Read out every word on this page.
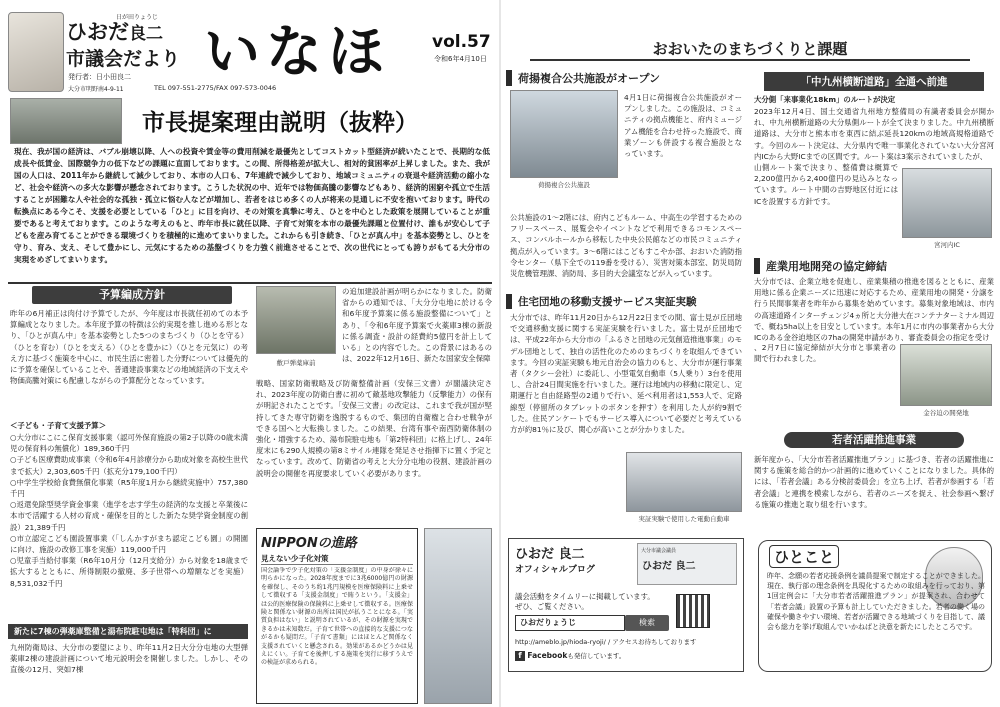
日が田りょうじ
ひおだ良二
市議会だより いなほ vol.57
令和6年4月10日
発行者：日小田良二
大分市明野南4-9-11	TEL 097-551-2775/FAX 097-573-0046
市長提案理由説明（抜粋）
現在、我が国の経済は、バブル崩壊以降、人への投資や賃金等の費用削減を最優先としてコストカット型経済が続いたことで、長期的な低成長や低賃金、国際競争力の低下などの課題に直面しております。この間、所得格差が拡大し、相対的貧困率が上昇しました。また、我が国の人口は、2011年から継続して減少しており、本市の人口も、7年連続で減少しており、地域コミュニティの衰退や経済活動の縮小など、社会や経済への多大な影響が懸念されております。こうした状況の中、近年では物価高騰の影響などもあり、経済的困窮や孤立で生活することが困難な人や社会的な孤独・孤立に悩む人などが増加し、若者をはじめ多くの人が将来の見通しに不安を抱いております。時代の転換点にある今こそ、支援を必要としている「ひと」に目を向け、その対策を真摯に考え、ひとを中心とした政策を展開していることが重要であると考えております。このような考えのもと、昨年市長に就任以降、子育て対策を本市の最優先課題と位置付け、誰もが安心して子どもを産み育てることができる環境づくりを積極的に進めてまいりました。これからも引き続き、「ひとが真ん中」を基本姿勢とし、ひとを守り、育み、支え、そして豊かにし、元気にするための基盤づくりを力強く前進させることで、次の世代にとっても誇りがもてる大分市の実現をめざしてまいります。
予算編成方針
昨年の6月補正は肉付け予算でしたが、今年度は市長就任初めての本予算編成となりました。本年度予算の特徴は公約実現を推し進める形となり、「ひとが真ん中」を基本姿勢とした5つのまちづくり（ひとを守る）（ひとを育む）（ひとを支える）（ひとを豊かに）（ひとを元気に）の考え方に基づく施策を中心に、市民生活に密着した分野については優先的に予算を確保していることや、普通建設事業などの地域経済の下支えや物価高騰対策にも配慮しながらの予算配分となっています。
＜子ども・子育て支援予算＞
○大分市にこにこ保育支援事業（認可外保育施設の第2子以降の0歳未満児の保育料の無償化）189,360千円
○子ども医療費助成事業（令和6年4月診療分から助成対象を高校生世代まで拡大）2,303,605千円（拡充分179,100千円）
○中学生学校給食費無償化事業（R5年度1月から継続実施中）757,380千円
○返還免除型奨学資金事業（進学を志す学生の経済的な支援と卒業後に本市で活躍する人材の育成・確保を目的とした新たな奨学資金制度の創設）21,389千円
○市立認定こども園設置事業（「しんかすがまち認定こども園」の開園に向け、施設の改修工事を実施）119,000千円
○児童手当給付事業（R6年10月分（12月支給分）から対象を18歳まで拡大するとともに、所得制限の撤廃、多子世帯への増額などを実施）8,531,032千円
新たに7棟の弾薬庫整備と湯布院駐屯地は「特科団」に
九州防衛局は、大分市の要望により、昨年11月2日大分分屯地の大型弾薬庫2棟の建設計画について地元説明会を開催しました。しかし、その直後の12月、突如7棟
敷戸弾薬庫前
の追加建設計画が明らかになりました。防衛省からの通知では、「大分分屯地に於ける令和6年度予算案に係る施設整備について」とあり、「令和6年度予算案で火薬庫3棟の新設に係る調査・設計の経費約5億円を計上している」との内容でした。この背景にはあるのは、2022年12月16日、新たな国家安全保障
戦略、国家防衛戦略及び防衛整備計画（安保三文書）が閣議決定され、2023年度の防衛白書に初めて敵基地攻撃能力（反撃能力）の保有が明記されたことです。「安保三文書」の改定は、これまで我が国が堅持してきた専守防衛を逸脱するもので、集団的自衛権と合わせ戦争ができる国へと大転換しました。この結果、台湾有事や南西防衛体制の強化・増強するため、湯布院駐屯地も「第2特科団」に格上げし、24年度末にも290人規模の第8ミサイル連隊を発足させ指揮下に置く予定となっています。改めて、防衛省の考えと大分分屯地の役割、建設計画の説明会の開催を再度要求していく必要があります。
NIPPONの進路
見えない少子化対策
国会論争で少子化対策の「支援金制度」の中身が徐々に明らかになった。2028年度までに3兆6000億円の財源を確保し、そのうち約1兆円規模を医療保険料に上乗せして徴収する「支援金制度」で賄うという。「支援金」は公的医療保険の保険料に上乗せして徴収する。医療保険と関係ない財源の出所は国民が払うことになる。「実質負担はない」と説明されているが、その財源を実現できるかは未知数だ。子育て世帯への直接的な支援につながるかも疑問だ。「子育て書類」にはほとんど関係なく支援されていくと懸念される。効果があるかどうかは見えにくい。子育てを後押しする施策を実行に移すうえでの検証が求められる。
おおいたのまちづくりと課題
荷揚複合公共施設がオープン
荷揚複合公共施設
4月1日に荷揚複合公共施設がオープンしました。この施設は、コミュニティの拠点機能と、府内ミュージアム機能を合わせ持った施設で、商業ゾーンも併設する複合施設となっています。
公共施設の1～2階には、府内こどもルーム、中高生の学習するためのフリースペース、展覧会やイベントなどで利用できるコモンスペース、コンバルホールから移転した中央公民館などの市民コミュニティ拠点が入っています。3～6階にはこどもすこやか部、おおいた消防指令センター（県下全での119番を受ける）、災害対策本部室、防災局防災危機管理課、消防局、多目的大会議室などが入っています。
住宅団地の移動支援サービス実証実験
大分市では、昨年11月20日から12月22日までの間、富士見が丘団地で交通移動支援に関する実証実験を行いました。富士見が丘団地では、平成22年から大分市の「ふるさと団地の元気創造推進事業」のモデル団地として、独自の活性化のためのまちづくりを取組んできています。今回の実証実験も地元自治会の協力のもと、大分市が運行事業者（タクシー会社）に委託し、小型電気自動車（5人乗り）3台を使用し、合計24日間実施を行いました。運行は地域内の移動に限定し、定期運行と自由経路型の2通りで行い、延べ利用者は1,553人で、定路線型（停留所のタブレットのボタンを押す）を利用した人が約9割でした。住民アンケートでもサービス導入について必要だと考えている方が約81％に及び、関心が高いことが分かりました。
実証実験で使用した電動自動車
ひおだ 良二
オフィシャルブログ
大分市議会議員
ひおだ 良二
議会活動をタイムリーに掲載しています。
ぜひ、ご覧ください。
ひおだりょうじ	検索
http://ameblo.jp/hioda-ryoji/ / アクセスお待ちしております
f Facebookも発信しています。
「中九州横断道路」全通へ前進
大分側「来事業化18km」のルートが決定
2023年12月4日、国土交通省九州地方整備局の有識者委員会が開かれ、中九州横断道路の大分県側ルートが全て決まりました。中九州横断道路は、大分市と熊本市を東西に結ぶ延長120kmの地域高規格道路です。今回のルート決定は、大分県内で唯一事業化されていない大分宮河内ICから大野ICまでの区間です。ルート案は3案示されていましたが、
山側ルート案で決まり、整備費は概算で2,200億円から2,400億円の見込みとなっています。ルート中間の吉野地区付近にはICを設置する方針です。
宮河内IC
産業用地開発の協定締結
大分市では、企業立地を促進し、産業集積の推進を図るとともに、産業用地に係る企業ニーズに迅速に対応するため、産業用地の開発・分譲を行う民間事業者を昨年から募集を始めています。募集対象地域は、市内の高速道路インターチェンジ4ヵ所と大分港大在コンテナターミナル周辺で、概ね5ha以上を目安としています。本年1月に市内の事業者から大分ICのある金谷迫地区の7haの開発申請があり、審査委員会の指定を受け
、2月7日に協定締結が大分市と事業者の間で行われました。
金谷迫の開発地
若者活躍推進事業
新年度から、「大分市若者活躍推進プラン」に基づき、若者の活躍推進に関する施策を総合的かつ計画的に進めていくことになりました。具体的には、「若者会議」ある分検討委員会」を立ち上げ、若者が参画する「若者会議」と連携を模索しながら、若者のニーズを捉え、社会参画へ繋げる施策の推進と取り組を行います。
ひとこと
昨年、念願の若者応援条例を議員提案で制定することができました。現在、執行部の理念条例を具現化するための取組みを行っており、第1回定例会に「大分市若者活躍推進プラン」が提案され、合わせて「若者会議」設置の予算も計上していただきました。若者の働く場の確保や働きやすい環境、若者が活躍できる地域づくりを目指して、議会も総力を挙げ取組んでいかねばと決意を新たにしたところです。
